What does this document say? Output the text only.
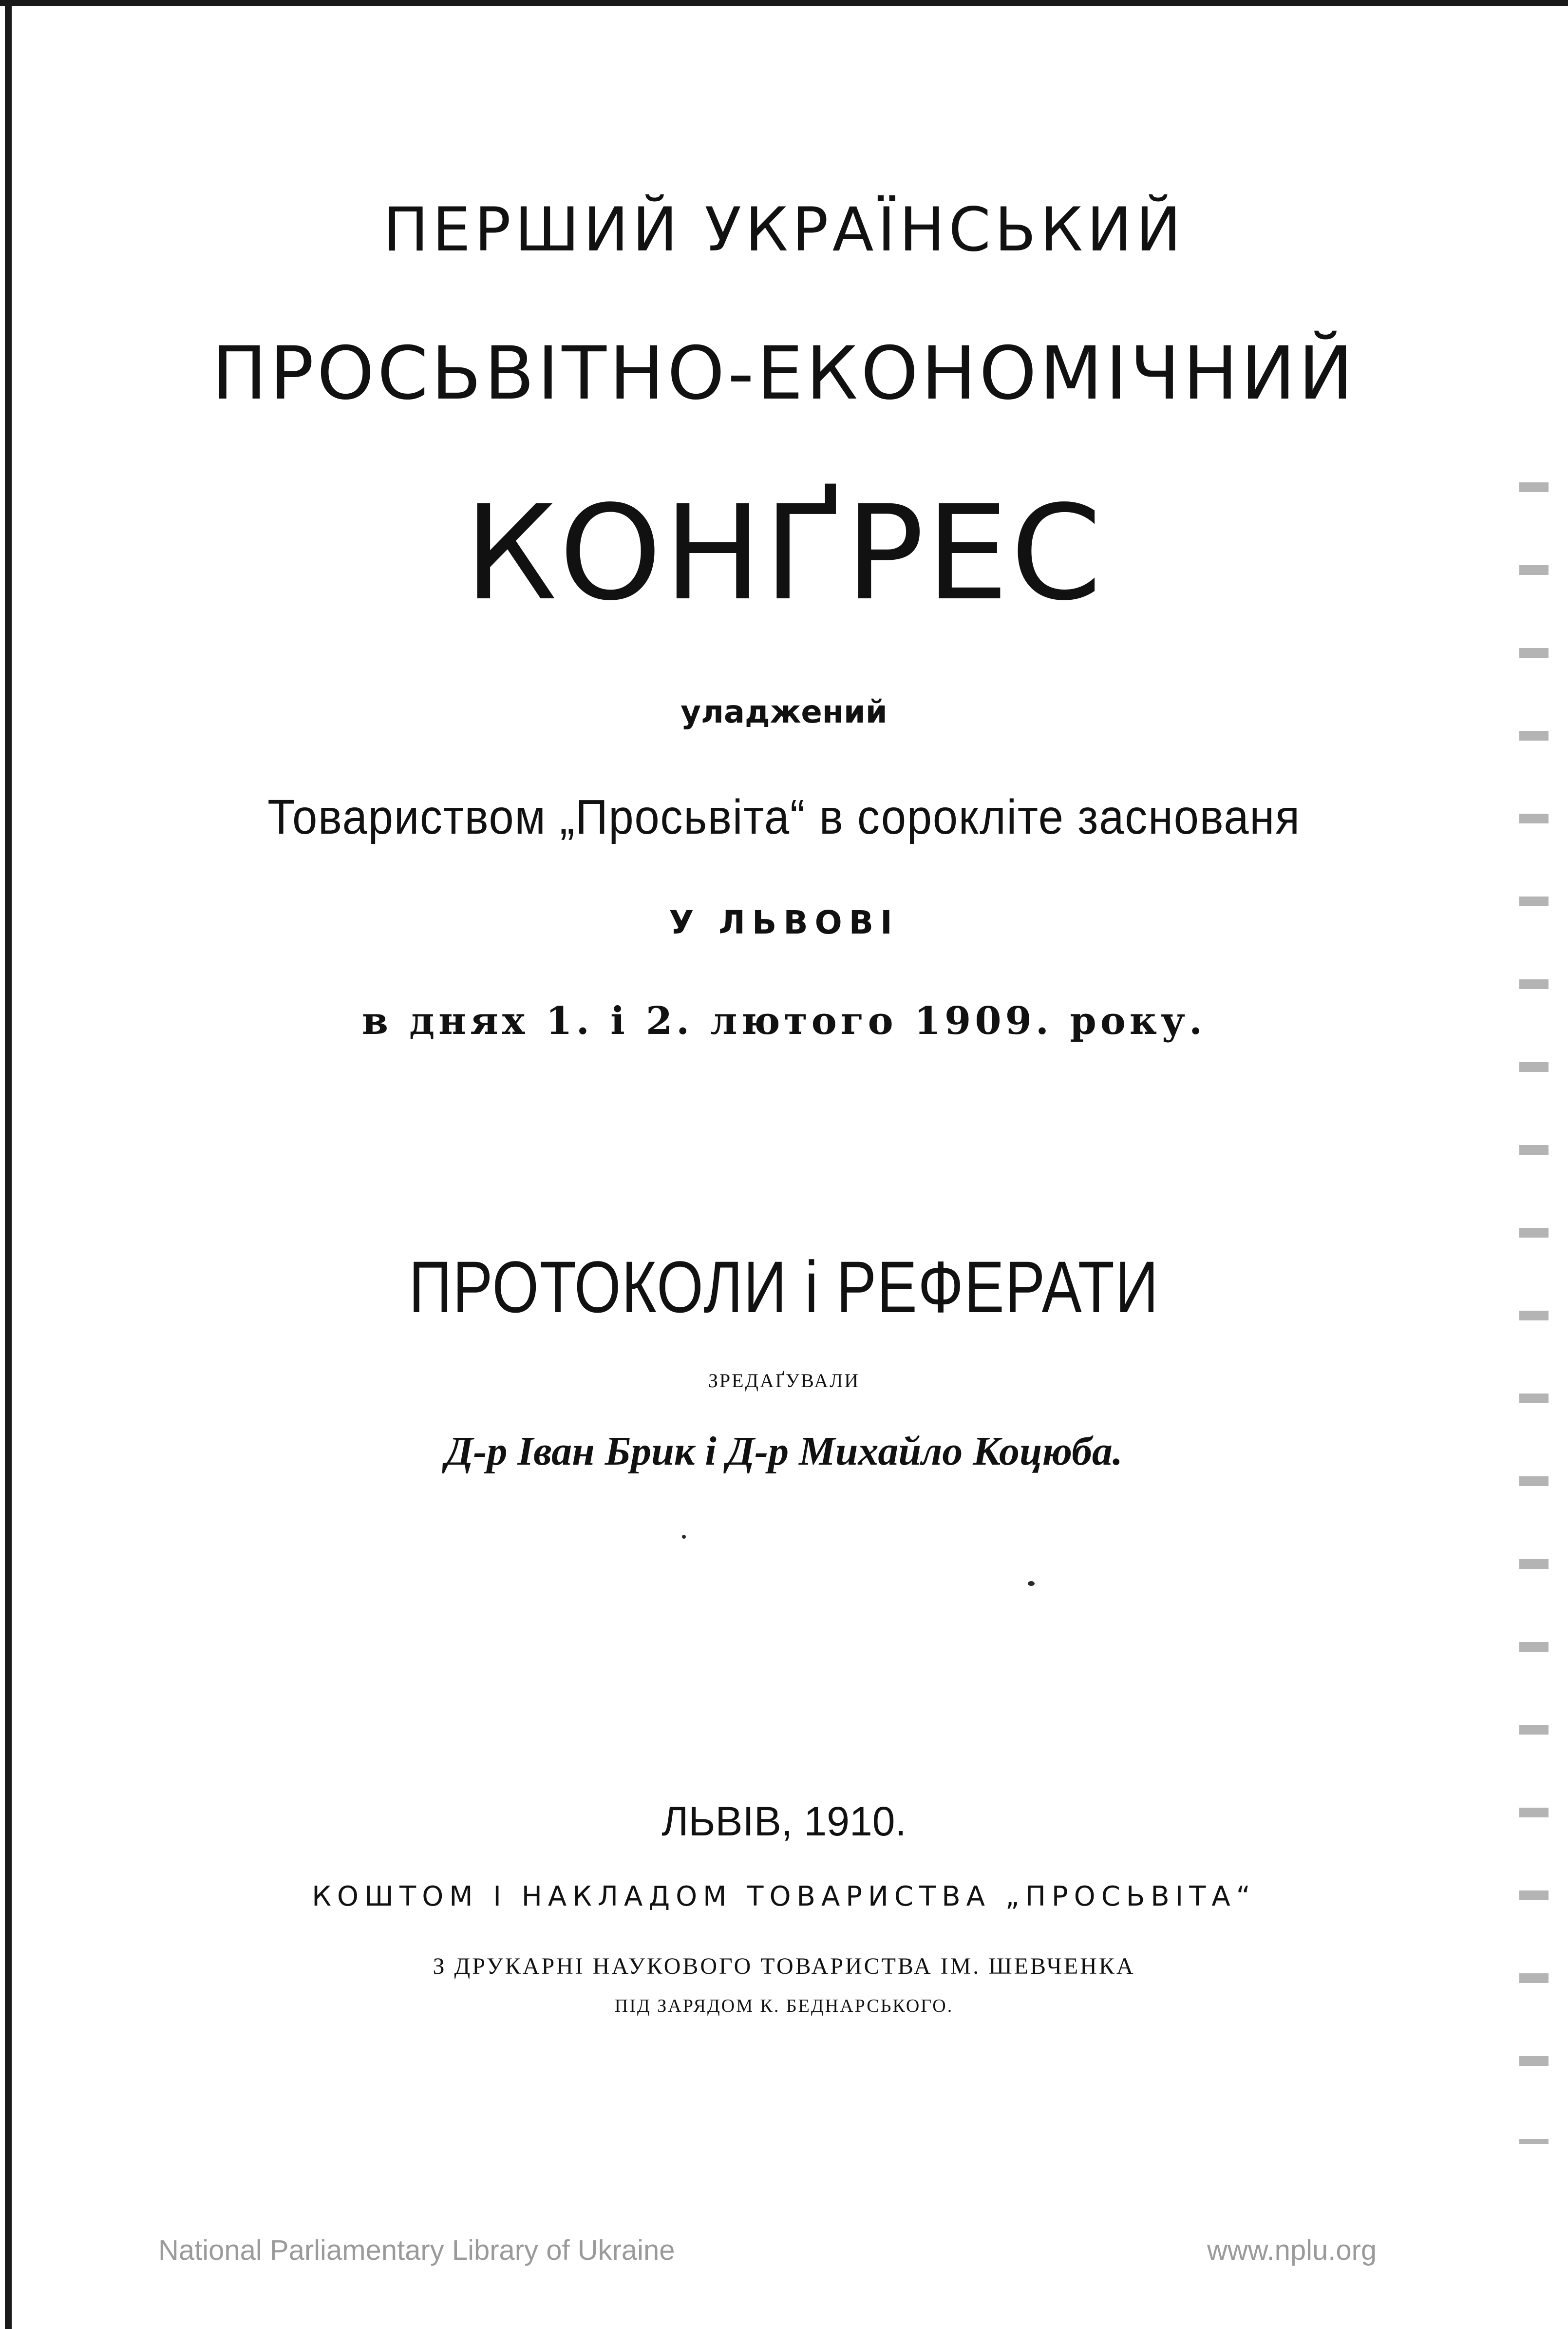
ПЕРШИЙ УКРАЇНСЬКИЙ
ПРОСЬВІТНО-ЕКОНОМІЧНИЙ
КОНҐРЕС
уладжений
Товариством „Просьвіта“ в сорокліте заснованя
У ЛЬВОВІ
в днях 1. і 2. лютого 1909. року.
ПРОТОКОЛИ і РЕФЕРАТИ
ЗРЕДАҐУВАЛИ
Д-р Іван Брик і Д-р Михайло Коцюба.
ЛЬВІВ, 1910.
КОШТОМ І НАКЛАДОМ ТОВАРИСТВА „ПРОСЬВІТА“
З ДРУКАРНІ НАУКОВОГО ТОВАРИСТВА ІМ. ШЕВЧЕНКА
ПІД ЗАРЯДОМ К. БЕДНАРСЬКОГО.
National Parliamentary Library of Ukraine	www.nplu.org
